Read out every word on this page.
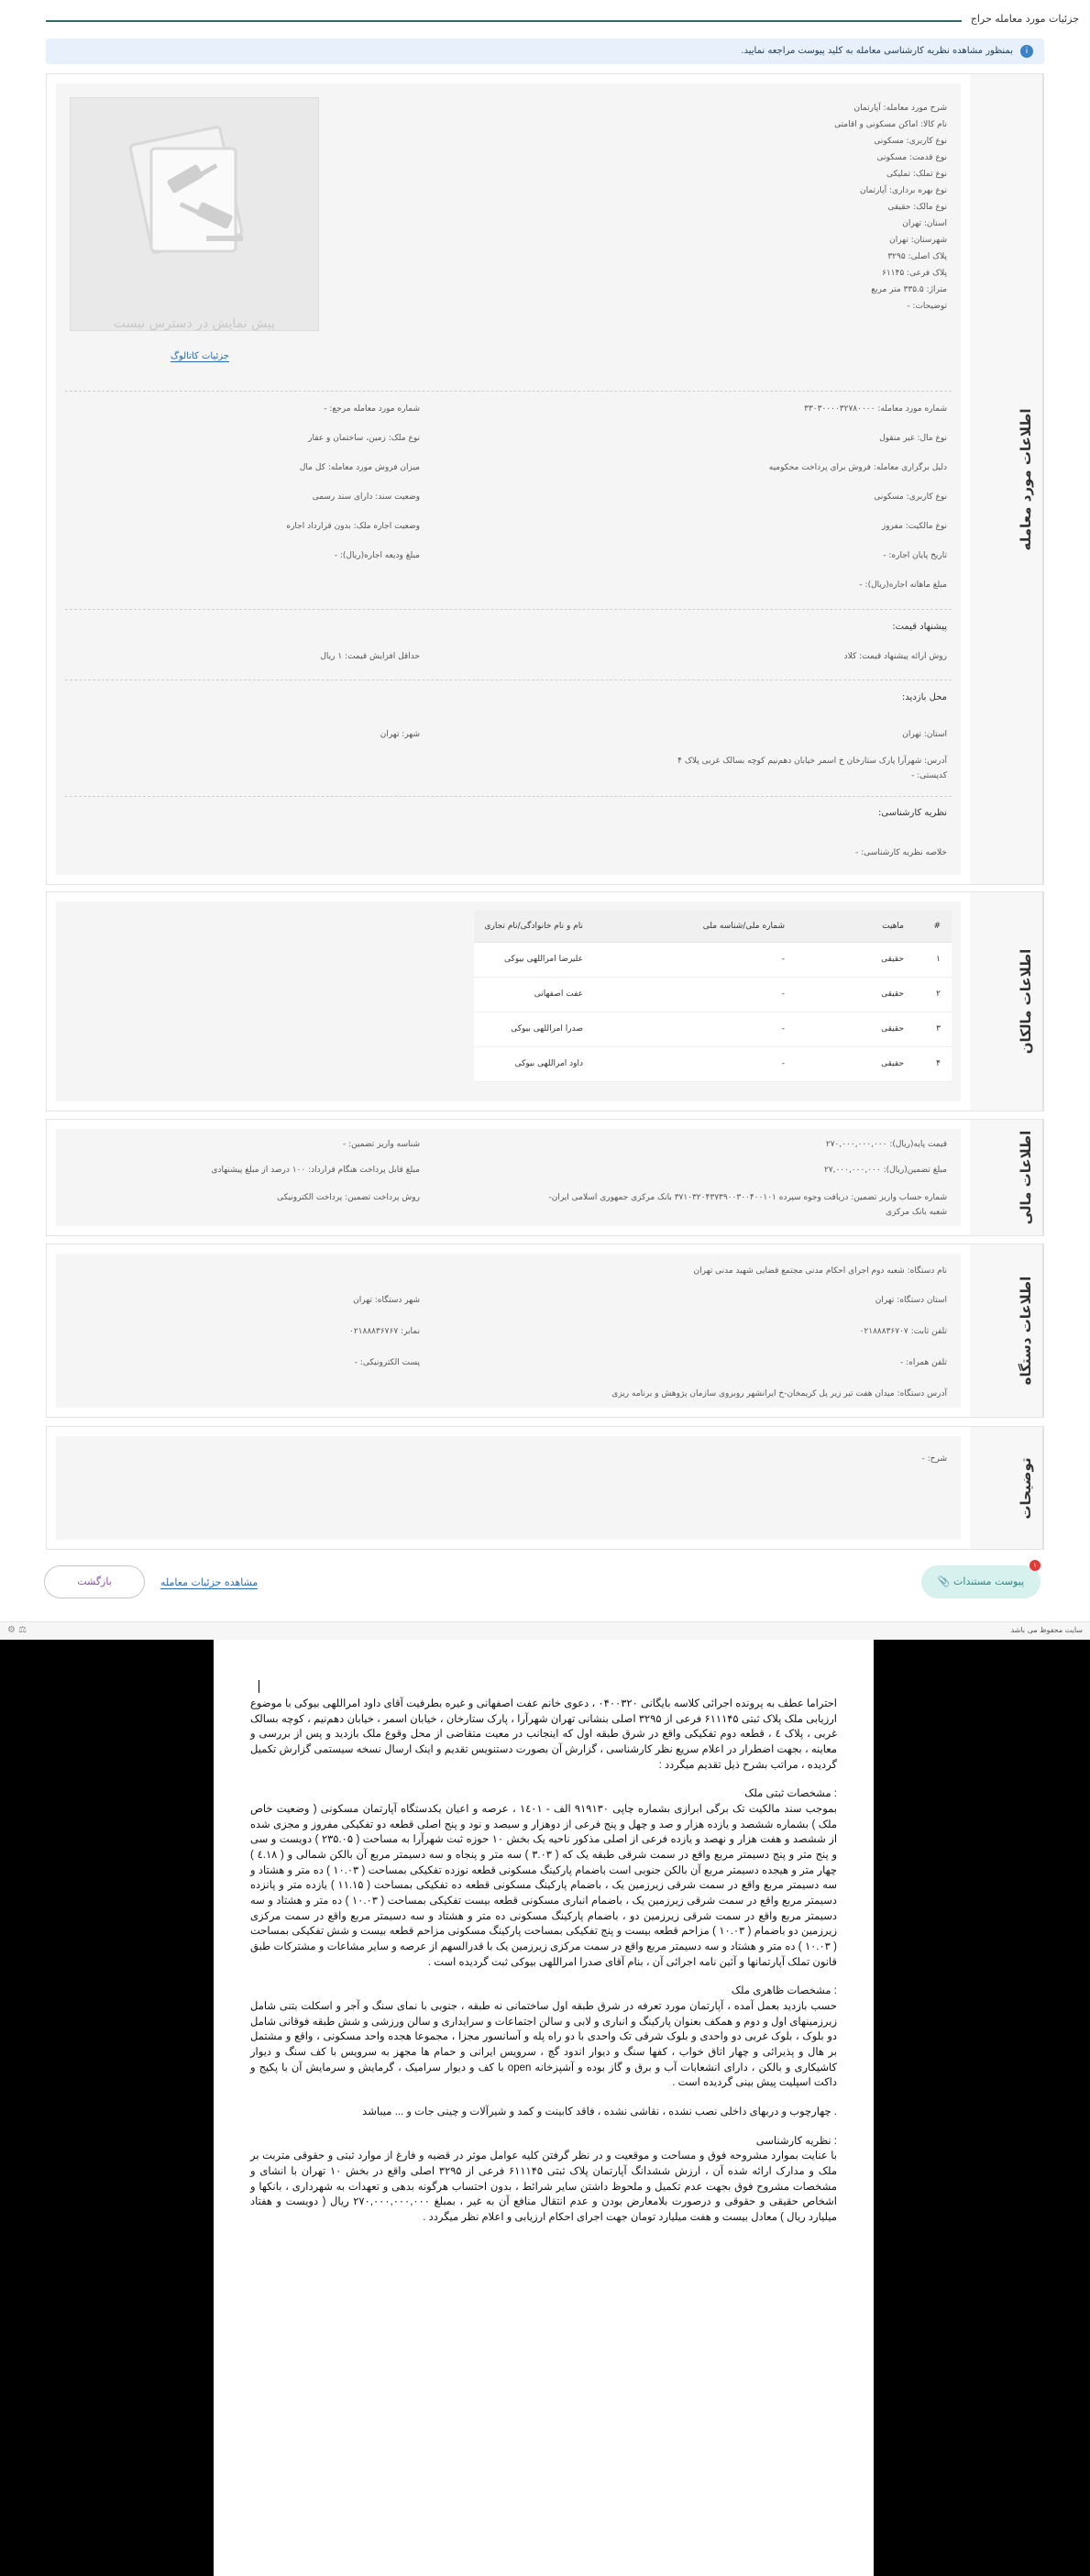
جزئیات مورد معامله حراج
i
بمنظور مشاهده نظریه کارشناسی معامله به کلید پیوست مراجعه نمایید.
اطلاعات مورد معامله
شرح مورد معامله: آپارتمان
نام کالا: اماکن مسکونی و اقامتی
نوع کاربری: مسکونی
نوع قدمت: مسکونی
نوع تملک: تملیکی
نوع بهره برداری: آپارتمان
نوع مالک: حقیقی
استان: تهران
شهرستان: تهران
پلاک اصلی: ۳۲۹۵
پلاک فرعی: ۶۱۱۴۵
متراژ: ۳۳۵.۵ متر مربع
توضیحات: -
پیش نمایش در دسترس نیست
جزئیات کاتالوگ
شماره مورد معامله: ۳۳۰۳۰۰۰۰۳۲۷۸۰۰۰۰
نوع مال: غیر منقول
دلیل برگزاری معامله: فروش برای پرداخت محکومیه
نوع کاربری: مسکونی
نوع مالکیت: مفروز
تاریخ پایان اجاره: -
مبلغ ماهانه اجاره(ریال): -
شماره مورد معامله مرجع: -
نوع ملک: زمین، ساختمان و عقار
میزان فروش مورد معامله: کل مال
وضعیت سند: دارای سند رسمی
وضعیت اجاره ملک: بدون قرارداد اجاره
مبلغ ودیعه اجاره(ریال): -
پیشنهاد قیمت:
روش ارائه پیشنهاد قیمت: کلاد
حداقل افزایش قیمت: ۱ ریال
محل بازدید:
استان: تهران
شهر: تهران
آدرس: شهرآرا پارک ستارخان خ اسمر خیابان دهم‌نیم کوچه بسالک غربی پلاک ۴
کدپستی: -
نظریه کارشناسی:
خلاصه نظریه کارشناسی: -
اطلاعات مالکان
#	ماهیت	شماره ملی/شناسه ملی	نام و نام خانوادگی/نام تجاری
۱	حقیقی	-	علیرضا امراللهی بیوکی
۲	حقیقی	-	عفت اصفهانی
۳	حقیقی	-	صدرا امراللهی بیوکی
۴	حقیقی	-	داود امراللهی بیوکی
اطلاعات مالی
قیمت پایه(ریال): ۲۷۰,۰۰۰,۰۰۰,۰۰۰
مبلغ تضمین(ریال): ۲۷,۰۰۰,۰۰۰,۰۰۰
شماره حساب واریز تضمین: دریافت وجوه سپرده ۳۷۱۰۳۲۰۴۳۷۳۹۰۰۳۰۰۴۰۰۱۰۱ بانک مرکزی جمهوری اسلامی ایران-
شعبه بانک مرکزی
شناسه واریز تضمین: -
مبلغ قابل پرداخت هنگام قرارداد: ۱۰۰ درصد از مبلغ پیشنهادی
روش پرداخت تضمین: پرداخت الکترونیکی
اطلاعات دستگاه
نام دستگاه: شعبه دوم اجرای احکام مدنی مجتمع قضایی شهید مدنی تهران
استان دستگاه: تهران
شهر دستگاه: تهران
تلفن ثابت: ۰۲۱۸۸۸۳۶۷۰۷
نمابر: ۰۲۱۸۸۸۳۶۷۶۷
تلفن همراه: -
پست الکترونیکی: -
آدرس دستگاه: میدان هفت تیر زیر پل کریمخان-خ ایرانشهر روبروی سازمان پژوهش و برنامه ریزی
توضیحات
شرح: -
پیوست مستندات 📎
۱
مشاهده جزئیات معامله
بازگشت
سایت محفوظ می باشد
⚖ ⚙

احتراما عطف به پرونده اجرائی کلاسه بایگانی ۰۴۰۰۳۲۰ ، دعوی خانم عفت اصفهانی و غیره بطرفیت آقای داود امراللهی بیوکی با موضوع ارزیابی ملک پلاک ثبتی ۶۱۱۱۴۵ فرعی از ۳۲۹۵ اصلی بنشانی تهران شهرآرا ، پارک ستارخان ، خیابان اسمر ، خیابان دهم‌نیم ، کوچه بسالک غربی ، پلاک ٤ ، قطعه دوم تفکیکی واقع در شرق طبقه اول که اینجانب در معیت متقاضی از محل وقوع ملک بازدید و پس از بررسی و معاینه ، بجهت اضطرار در اعلام سریع نظر کارشناسی ، گزارش آن بصورت دستنویس تقدیم و اینک ارسال نسخه سیستمی گزارش تکمیل گردیده ، مراتب بشرح ذیل تقدیم میگردد :

: مشخصات ثبتی ملک

بموجب سند مالکیت تک برگی ابرازی بشماره چاپی ۹۱۹۱۳۰ الف - ۱٤۰۱ ، عرصه و اعیان یکدستگاه آپارتمان مسکونی ( وضعیت خاص ملک ) بشماره ششصد و یازده هزار و صد و چهل و پنج فرعی از دوهزار و سیصد و نود و پنج اصلی قطعه دو تفکیکی مفروز و مجزی شده از ششصد و هفت هزار و نهصد و یازده فرعی از اصلی مذکور ناحیه یک بخش ۱۰ حوزه ثبت شهرآرا به مساحت ( ۲۳۵.۰۵ ) دویست و سی و پنج متر و پنج دسیمتر مربع واقع در سمت شرقی طبقه یک که ( ۳.۰۳ ) سه متر و پنجاه و سه دسیمتر مربع آن بالکن شمالی و ( ٤.۱۸ ) چهار متر و هیجده دسیمتر مربع آن بالکن جنوبی است باضمام پارکینگ مسکونی قطعه نوزده تفکیکی بمساحت ( ۱۰.۰۳ ) ده متر و هشتاد و سه دسیمتر مربع واقع در سمت شرقی زیرزمین یک ، باضمام پارکینگ مسکونی قطعه ده تفکیکی بمساحت ( ۱۱.۱۵ ) یازده متر و پانزده دسیمتر مربع واقع در سمت شرقی زیرزمین یک ، باضمام انباری مسکونی قطعه بیست تفکیکی بمساحت ( ۱۰.۰۳ ) ده متر و هشتاد و سه دسیمتر مربع واقع در سمت شرقی زیرزمین دو ، باضمام پارکینگ مسکونی ده متر و هشتاد و سه دسیمتر مربع واقع در سمت مرکزی زیرزمین دو باضمام ( ۱۰.۰۳ ) مزاحم قطعه بیست و پنج تفکیکی بمساحت پارکینگ مسکونی مزاحم قطعه بیست و شش تفکیکی بمساحت ( ۱۰.۰۳ ) ده متر و هشتاد و سه دسیمتر مربع واقع در سمت مرکزی زیرزمین یک با قدرالسهم از عرصه و سایر مشاعات و مشترکات طبق قانون تملک آپارتمانها و آئین نامه اجرائی آن ، بنام آقای صدرا امراللهی بیوکی ثبت گردیده است .

: مشخصات ظاهری ملک

حسب بازدید بعمل آمده ، آپارتمان مورد تعرفه در شرق طبقه اول ساختمانی نه طبقه ، جنوبی با نمای سنگ و آجر و اسکلت بتنی شامل زیرزمینهای اول و دوم و همکف بعنوان پارکینگ و انباری و لابی و سالن اجتماعات و سرایداری و سالن ورزشی و شش طبقه فوقانی شامل دو بلوک ، بلوک غربی دو واحدی و بلوک شرقی تک واحدی با دو راه پله و آسانسور مجزا ، مجموعا هجده واحد مسکونی ، واقع و مشتمل بر هال و پذیرائی و چهار اتاق خواب ، کفها سنگ و دیوار اندود گچ ، سرویس ایرانی و حمام ها مجهز به سرویس با کف سنگ و دیوار کاشیکاری و بالکن ، دارای انشعابات آب و برق و گاز بوده و آشپزخانه open با کف و دیوار سرامیک ، گرمایش و سرمایش آن با پکیج و داکت اسپلیت پیش بینی گردیده است .

. چهارچوب و دربهای داخلی نصب نشده ، نقاشی نشده ، فاقد کابینت و کمد و شیرآلات و چینی جات و ... میباشد

: نظریه کارشناسی

با عنایت بموارد مشروحه فوق و مساحت و موقعیت و در نظر گرفتن کلیه عوامل موثر در قضیه و فارغ از موارد ثبتی و حقوقی متربت بر ملک و مدارک ارائه شده آن ، ارزش ششدانگ آپارتمان پلاک ثبتی ۶۱۱۱۴۵ فرعی از ۳۲۹۵ اصلی واقع در بخش ۱۰ تهران با انشای و مشخصات مشروح فوق بجهت عدم تکمیل و ملحوظ داشتن سایر شرائط ، بدون احتساب هرگونه بدهی و تعهدات به شهرداری ، بانکها و اشخاص حقیقی و حقوقی و درصورت بلامعارض بودن و عدم انتقال منافع آن به غیر ، بمبلغ ۲۷۰,۰۰۰,۰۰۰,۰۰۰ ریال ( دویست و هفتاد میلیارد ریال ) معادل بیست و هفت میلیارد تومان جهت اجرای احکام ارزیابی و اعلام نظر میگردد .
